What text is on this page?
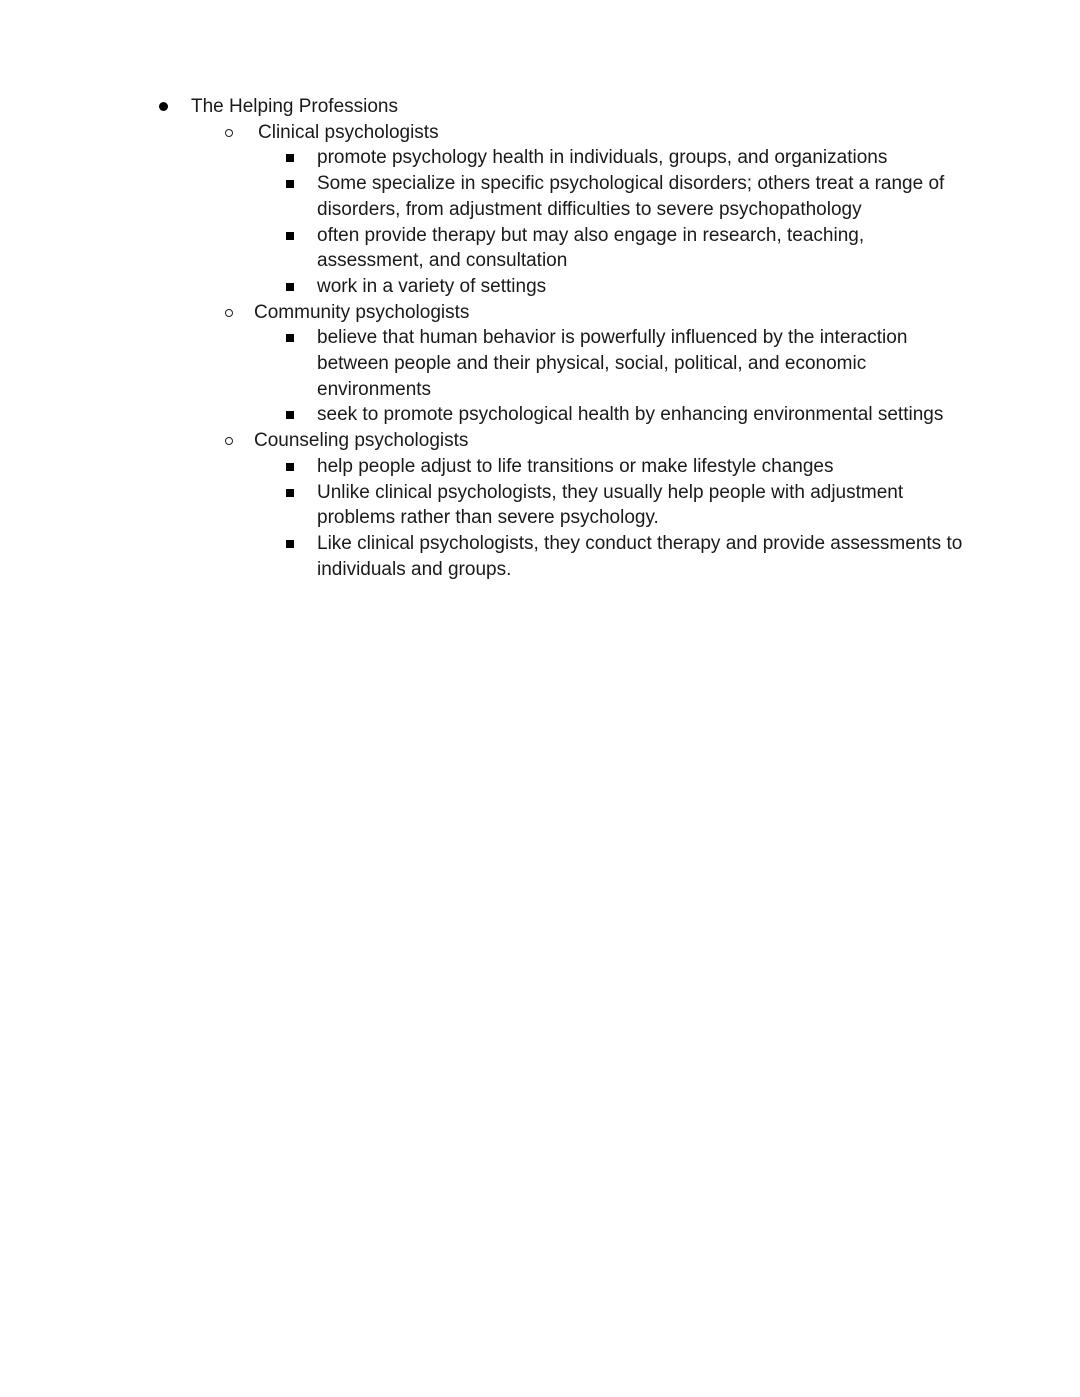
The Helping Professions
Clinical psychologists
promote psychology health in individuals, groups, and organizations
Some specialize in specific psychological disorders; others treat a range of
disorders, from adjustment difficulties to severe psychopathology
often provide therapy but may also engage in research, teaching,
assessment, and consultation
work in a variety of settings
Community psychologists
believe that human behavior is powerfully influenced by the interaction
between people and their physical, social, political, and economic
environments
seek to promote psychological health by enhancing environmental settings
Counseling psychologists
help people adjust to life transitions or make lifestyle changes
Unlike clinical psychologists, they usually help people with adjustment
problems rather than severe psychology.
Like clinical psychologists, they conduct therapy and provide assessments to
individuals and groups.
